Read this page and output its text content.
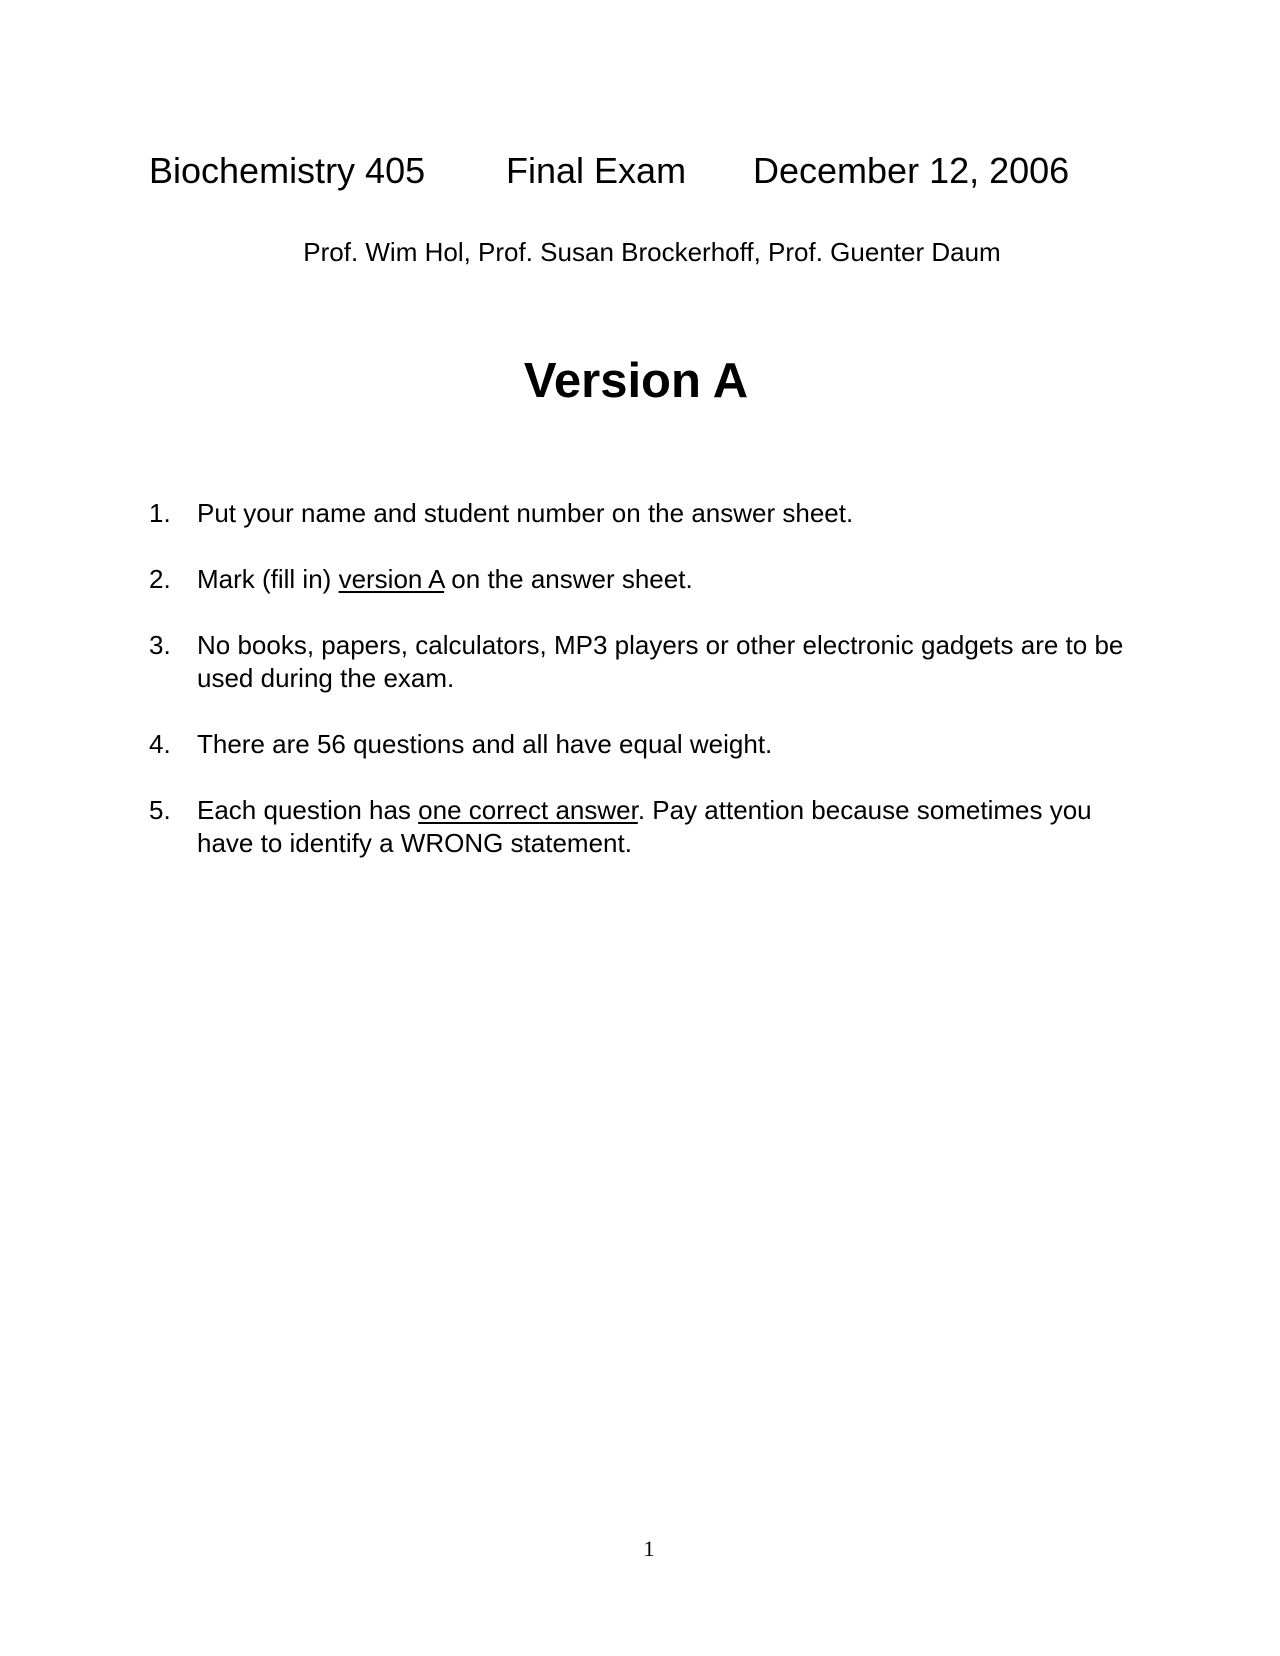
Biochemistry 405 Final Exam December 12, 2006
Prof. Wim Hol, Prof. Susan Brockerhoff, Prof. Guenter Daum
Version A
1. Put your name and student number on the answer sheet.
2. Mark (fill in) version A on the answer sheet.
3. No books, papers, calculators, MP3 players or other electronic gadgets are to be used during the exam.
4. There are 56 questions and all have equal weight.
5. Each question has one correct answer. Pay attention because sometimes you have to identify a WRONG statement.
1
